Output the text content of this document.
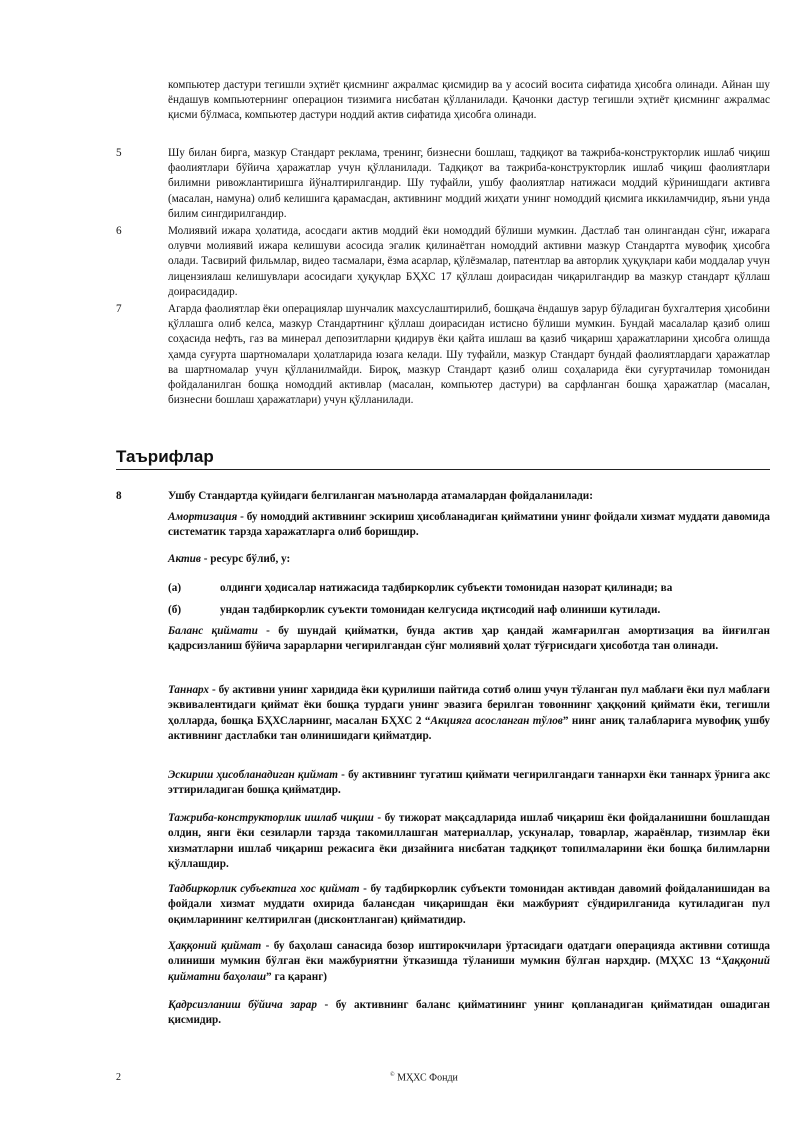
компьютер дастури тегишли эҳтиёт қисмнинг ажралмас қисмидир ва у асосий восита сифатида ҳисобга олинади. Айнан шу ёндашув компьютернинг операцион тизимига нисбатан қўлланилади. Қачонки дастур тегишли эҳтиёт қисмнинг ажралмас қисми бўлмаса, компьютер дастури ноддий актив сифатида ҳисобга олинади.
5	Шу билан бирга, мазкур Стандарт реклама, тренинг, бизнесни бошлаш, тадқиқот ва тажриба-конструкторлик ишлаб чиқиш фаолиятлари бўйича ҳаражатлар учун қўлланилади. Тадқиқот ва тажриба-конструкторлик ишлаб чиқиш фаолиятлари билимни ривожлантиришга йўналтирилгандир. Шу туфайли, ушбу фаолиятлар натижаси моддий кўринишдаги активга (масалан, намуна) олиб келишига қарамасдан, активнинг моддий жиҳати унинг номоддий қисмига иккиламчидир, яъни унда билим сингдирилгандир.
6	Молиявий ижара ҳолатида, асосдаги актив моддий ёки номоддий бўлиши мумкин. Дастлаб тан олингандан сўнг, ижарага олувчи молиявий ижара келишуви асосида эгалик қилинаётган номоддий активни мазкур Стандартга мувофиқ ҳисобга олади. Тасвирий фильмлар, видео тасмалари, ёзма асарлар, қўлёзмалар, патентлар ва авторлик ҳуқуқлари каби моддалар учун лицензиялаш келишувлари асосидаги ҳуқуқлар БҲХС 17 қўллаш доирасидан чиқарилгандир ва мазкур стандарт қўллаш доирасидадир.
7	Агарда фаолиятлар ёки операциялар шунчалик махсуслаштирилиб, бошқача ёндашув зарур бўладиган бухгалтерия ҳисобини қўллашга олиб келса, мазкур Стандартнинг қўллаш доирасидан истисно бўлиши мумкин. Бундай масалалар қазиб олиш соҳасида нефть, газ ва минерал депозитларни қидирув ёки қайта ишлаш ва қазиб чиқариш ҳаражатларини ҳисобга олишда ҳамда суғурта шартномалари ҳолатларида юзага келади. Шу туфайли, мазкур Стандарт бундай фаолиятлардаги ҳаражатлар ва шартномалар учун қўлланилмайди. Бироқ, мазкур Стандарт қазиб олиш соҳаларида ёки суғуртачилар томонидан фойдаланилган бошқа номоддий активлар (масалан, компьютер дастури) ва сарфланган бошқа ҳаражатлар (масалан, бизнесни бошлаш ҳаражатлари) учун қўлланилади.
Таърифлар
8	Ушбу Стандартда қуйидаги белгиланган маъноларда атамалардан фойдаланилади:
Амортизация - бу номоддий активнинг эскириш ҳисобланадиган қийматини унинг фойдали хизмат муддати давомида систематик тарзда харажатларга олиб боришдир.
Актив - ресурс бўлиб, у:
(а)	олдинги ҳодисалар натижасида тадбиркорлик субъекти томонидан назорат қилинади; ва
(б)	ундан тадбиркорлик суъекти томонидан келгусида иқтисодий наф олиниши кутилади.
Баланс қиймати - бу шундай қийматки, бунда актив ҳар қандай жамғарилган амортизация ва йиғилган қадрсизланиш бўйича зарарларни чегирилгандан сўнг молиявий ҳолат тўғрисидаги ҳисоботда тан олинади.
Таннарх - бу активни унинг харидида ёки қурилиши пайтида сотиб олиш учун тўланган пул маблағи ёки пул маблағи эквивалентидаги қиймат ёки бошқа турдаги унинг эвазига берилган товоннинг ҳаққоний қиймати ёки, тегишли ҳолларда, бошқа БҲХСларнинг, масалан БҲХС 2 “Акцияга асосланган тўлов” нинг аниқ талабларига мувофиқ ушбу активнинг дастлабки тан олинишидаги қийматдир.
Эскириш ҳисобланадиган қиймат - бу активнинг тугатиш қиймати чегирилгандаги таннархи ёки таннарх ўрнига акс эттириладиган бошқа қийматдир.
Тажриба-конструкторлик ишлаб чиқиш - бу тижорат мақсадларида ишлаб чиқариш ёки фойдаланишни бошлашдан олдин, янги ёки сезиларли тарзда такомиллашган материаллар, ускуналар, товарлар, жараёнлар, тизимлар ёки хизматларни ишлаб чиқариш режасига ёки дизайнига нисбатан тадқиқот топилмаларини ёки бошқа билимларни қўллашдир.
Тадбиркорлик субъектига хос қиймат - бу тадбиркорлик субъекти томонидан активдан давомий фойдаланишидан ва фойдали хизмат муддати охирида балансдан чиқаришдан ёки мажбурият сўндирилганида кутиладиган пул оқимларининг келтирилган (дисконтланган) қийматидир.
Ҳаққоний қиймат - бу баҳолаш санасида бозор иштирокчилари ўртасидаги одатдаги операцияда активни сотишда олиниши мумкин бўлган ёки мажбуриятни ўтказишда тўланиши мумкин бўлган нархдир. (МҲХС 13 “Ҳаққоний қийматни баҳолаш” га қаранг)
Қадрсизланиш бўйича зарар - бу активнинг баланс қийматининг унинг қопланадиган қийматидан ошадиган қисмидир.
2	© МҲХС Фонди
